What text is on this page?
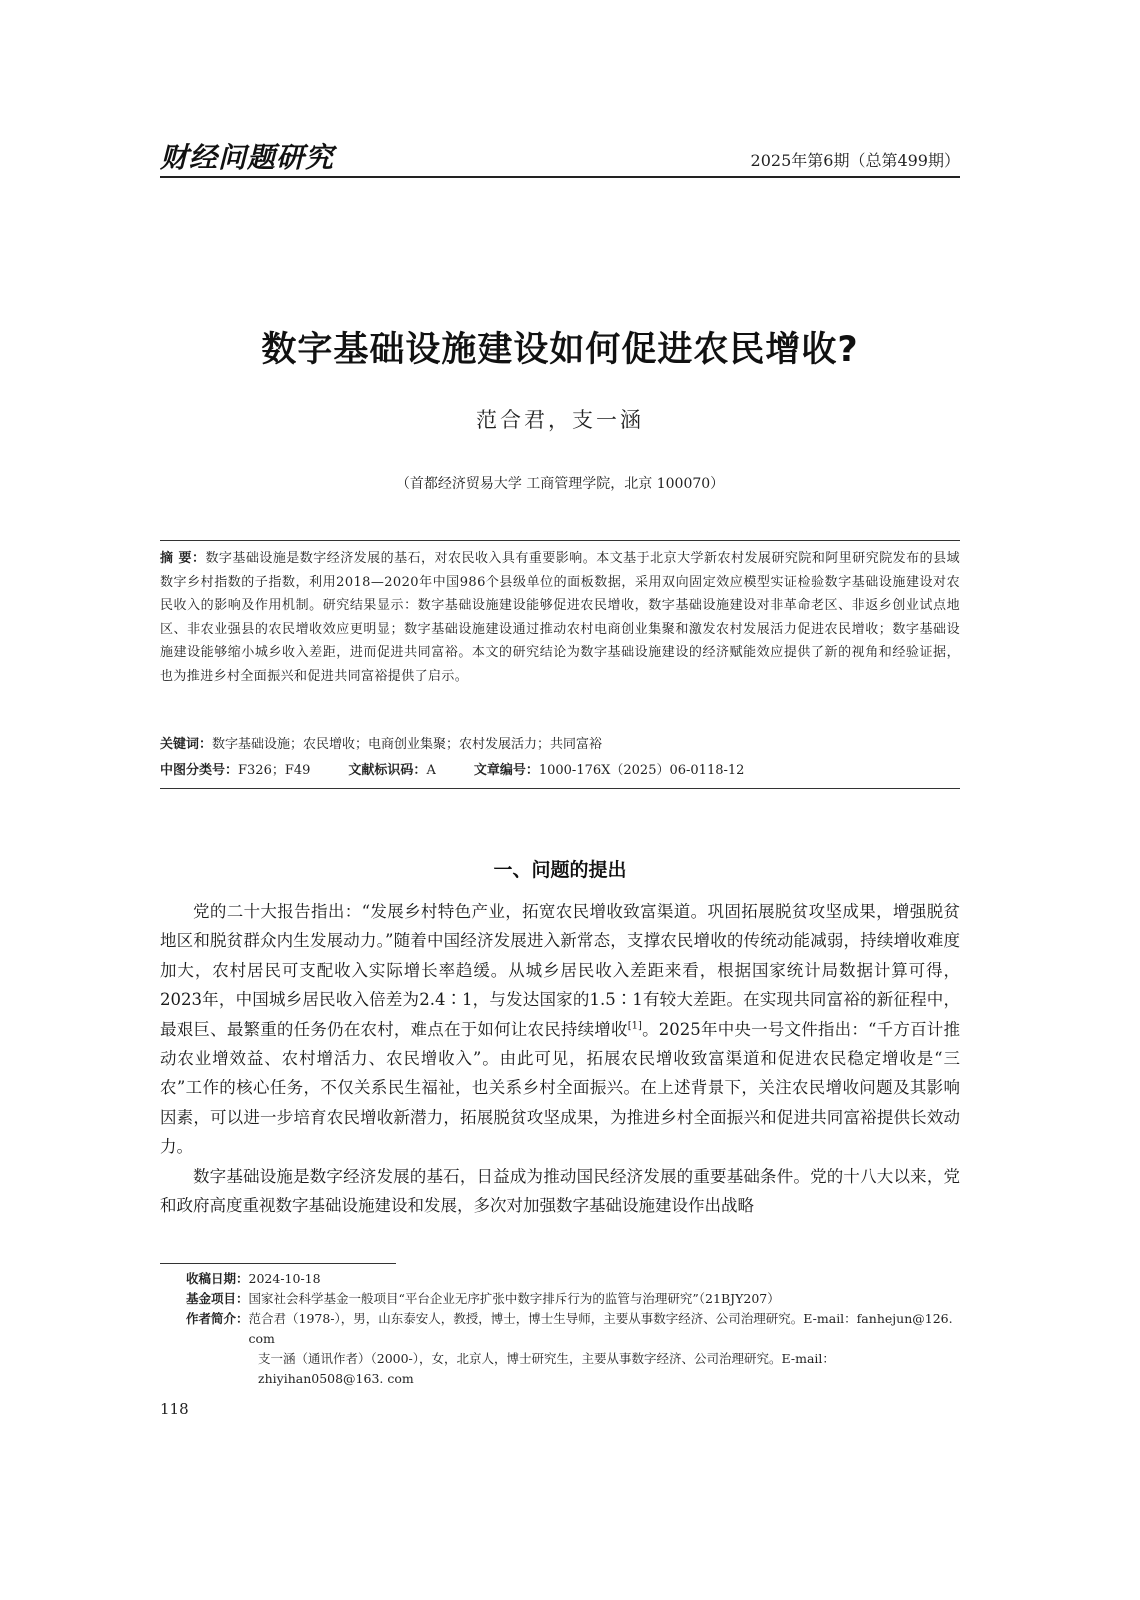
财经问题研究	2025年第6期（总第499期）
数字基础设施建设如何促进农民增收?
范合君，支一涵
（首都经济贸易大学 工商管理学院，北京 100070）
摘 要：数字基础设施是数字经济发展的基石，对农民收入具有重要影响。本文基于北京大学新农村发展研究院和阿里研究院发布的县域数字乡村指数的子指数，利用2018—2020年中国986个县级单位的面板数据，采用双向固定效应模型实证检验数字基础设施建设对农民收入的影响及作用机制。研究结果显示：数字基础设施建设能够促进农民增收，数字基础设施建设对非革命老区、非返乡创业试点地区、非农业强县的农民增收效应更明显；数字基础设施建设通过推动农村电商创业集聚和激发农村发展活力促进农民增收；数字基础设施建设能够缩小城乡收入差距，进而促进共同富裕。本文的研究结论为数字基础设施建设的经济赋能效应提供了新的视角和经验证据，也为推进乡村全面振兴和促进共同富裕提供了启示。
关键词：数字基础设施；农民增收；电商创业集聚；农村发展活力；共同富裕
中图分类号：F326；F49	文献标识码：A	文章编号：1000-176X（2025）06-0118-12
一、问题的提出

党的二十大报告指出：“发展乡村特色产业，拓宽农民增收致富渠道。巩固拓展脱贫攻坚成果，增强脱贫地区和脱贫群众内生发展动力。”随着中国经济发展进入新常态，支撑农民增收的传统动能减弱，持续增收难度加大，农村居民可支配收入实际增长率趋缓。从城乡居民收入差距来看，根据国家统计局数据计算可得，2023年，中国城乡居民收入倍差为2.4∶1，与发达国家的1.5∶1有较大差距。在实现共同富裕的新征程中，最艰巨、最繁重的任务仍在农村，难点在于如何让农民持续增收[1]。2025年中央一号文件指出：“千方百计推动农业增效益、农村增活力、农民增收入”。由此可见，拓展农民增收致富渠道和促进农民稳定增收是“三农”工作的核心任务，不仅关系民生福祉，也关系乡村全面振兴。在上述背景下，关注农民增收问题及其影响因素，可以进一步培育农民增收新潜力，拓展脱贫攻坚成果，为推进乡村全面振兴和促进共同富裕提供长效动力。

数字基础设施是数字经济发展的基石，日益成为推动国民经济发展的重要基础条件。党的十八大以来，党和政府高度重视数字基础设施建设和发展，多次对加强数字基础设施建设作出战略

收稿日期： 2024-10-18
基金项目： 国家社会科学基金一般项目“平台企业无序扩张中数字排斥行为的监管与治理研究”（21BJY207）
作者简介： 范合君（1978-），男，山东泰安人，教授，博士，博士生导师，主要从事数字经济、公司治理研究。E-mail：fanhejun@126. com
支一涵（通讯作者）（2000-），女，北京人，博士研究生，主要从事数字经济、公司治理研究。E-mail：zhiyihan0508@163. com
118
